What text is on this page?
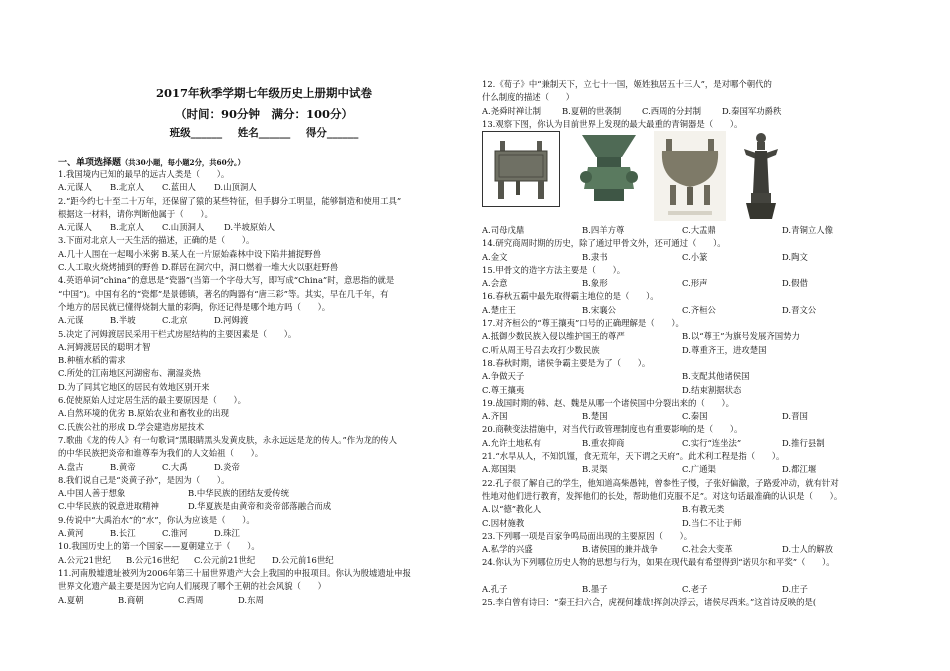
2017年秋季学期七年级历史上册期中试卷
（时间：90分钟　满分：100分）
班级______ 姓名______ 得分______
一、单项选择题（共30小题，每小题2分，共60分。）
1.我国境内已知的最早的远古人类是（　　）。
A.元谋人	B.北京人	C.蓝田人	D.山顶洞人
2.“距今约七十至二十万年，还保留了猿的某些特征，但手脚分工明显，能够制造和使用工具”
根据这一材料，请你判断他属于（　　）。
A.元谋人	B.北京人	C.山顶洞人	D.半坡原始人
3.下面对北京人一天生活的描述，正确的是（　　）。
A.几十人围在一起喝小米粥 B.某人在一片原始森林中设下陷井捕捉野兽
C.人工取火烧烤捕到的野兽 D.群居在洞穴中，洞口燃着一堆大火以驱赶野兽
4.英语单词“china”的意思是“瓷器”(当第一个字母大写，即写成“China”时，意思指的就是
“中国”)。中国有名的“瓷都”是景德镇，著名的陶器有“唐三彩”等。其实，早在几千年，有
个地方的居民就已懂得烧制大量的彩陶，你还记得是哪个地方吗（　　）。
A.元谋	B.半坡	C.北京	D.河姆渡
5.决定了河姆渡居民采用干栏式房屋结构的主要因素是（　　）。
A.河姆渡居民的聪明才智
B.种植水稻的需求
C.所处的江南地区河湖密布、潮湿炎热
D.为了同其它地区的居民有效地区别开来
6.促使原始人过定居生活的最主要原因是（　　）。
A.自然环境的优劣 B.原始农业和畜牧业的出现
C.氏族公社的形成 D.学会建造房屋技术
7.歌曲《龙的传人》有一句歌词“黑眼睛黑头发黄皮肤，永永远远是龙的传人。”作为龙的传人
的中华民族把炎帝和谁尊奉为我们的人文始祖（　　）。
A.盘古	B.黄帝	C.大禹	D.炎帝
8.我们说自己是“炎黄子孙”，是因为（　　）。
A.中国人善于想象	B.中华民族的团结友爱传统
C.中华民族的锐意进取精神	D.华夏族是由黄帝和炎帝部落融合而成
9.传说中“大禹治水”的“水”，你认为应该是（　　）。
A.黄河	B.长江	C.淮河	D.珠江
10.我国历史上的第一个国家——夏朝建立于（　　）。
A.公元21世纪	B.公元16世纪	C.公元前21世纪	D.公元前16世纪
11.河南殷墟遗址被列为2006年第三十届世界遗产大会上我国的申报项目。你认为殷墟遗址申报
世界文化遗产最主要是因为它向人们展现了哪个王朝的社会风貌（　　）
A.夏朝	B.商朝	C.西周	D.东周
12.《荀子》中“兼制天下，立七十一国，姬姓独居五十三人”，是对哪个朝代的
什么制度的描述（　　）
A.尧舜时禅让制	B.夏朝的世袭制	C.西周的分封制	D.秦国军功爵秩
13.观察下图，你认为目前世界上发现的最大最重的青铜器是（　　）。
A.司母戊鼎	B.四羊方尊	C.大盂鼎	D.青铜立人像
14.研究商周时期的历史，除了通过甲骨文外，还可通过（　　）。
A.金文	B.隶书	C.小篆	D.陶文
15.甲骨文的造字方法主要是（　　）。
A.会意	B.象形	C.形声	D.假借
16.春秋五霸中最先取得霸主地位的是（　　）。
A.楚庄王	B.宋襄公	C.齐桓公	D.晋文公
17.对齐桓公的“尊王攘夷”口号的正确理解是（　　）。
A.抵御少数民族入侵以维护国王的尊严	B.以“尊王”为旗号发展齐国势力
C.听从周王号召去攻打少数民族	D.尊重齐王，进攻楚国
18.春秋时期，诸侯争霸主要是为了（　　）。
A.争做天子	B.支配其他诸侯国
C.尊王攘夷	D.结束割据状态
19.战国时期的韩、赵、魏是从哪一个诸侯国中分裂出来的（　　）。
A.齐国	B.楚国	C.秦国	D.晋国
20.商鞅变法措施中，对当代行政管理制度也有重要影响的是（　　）。
A.允许土地私有	B.重农抑商	C.实行“连坐法”	D.推行县制
21.“水旱从人，不知饥馑，食无荒年，天下谓之天府”。此术利工程是指（　　）。
A.郑国渠	B.灵渠	C.广通渠	D.都江堰
22.孔子很了解自己的学生，他知道高柴愚钝，曾参性子慢，子张好偏激，子路爱冲动，就有针对
性地对他们进行教育，发挥他们的长处，帮助他们克服不足”。对这句话最准确的认识是（　　）。
A.以“德”教化人	B.有教无类
C.因材施教	D.当仁不让于师
23.下列哪一项是百家争鸣局面出现的主要原因（　　）。
A.私学的兴盛	B.诸侯国的兼并战争	C.社会大变革	D.士人的解放
24.你认为下列哪位历史人物的思想与行为，如果在现代最有希望得到“诺贝尔和平奖”（　　）。
A.孔子	B.墨子	C.老子	D.庄子
25.李白曾有诗曰：“秦王扫六合，虎视何雄哉!挥剑决浮云，诸侯尽西来。”这首诗反映的是(
